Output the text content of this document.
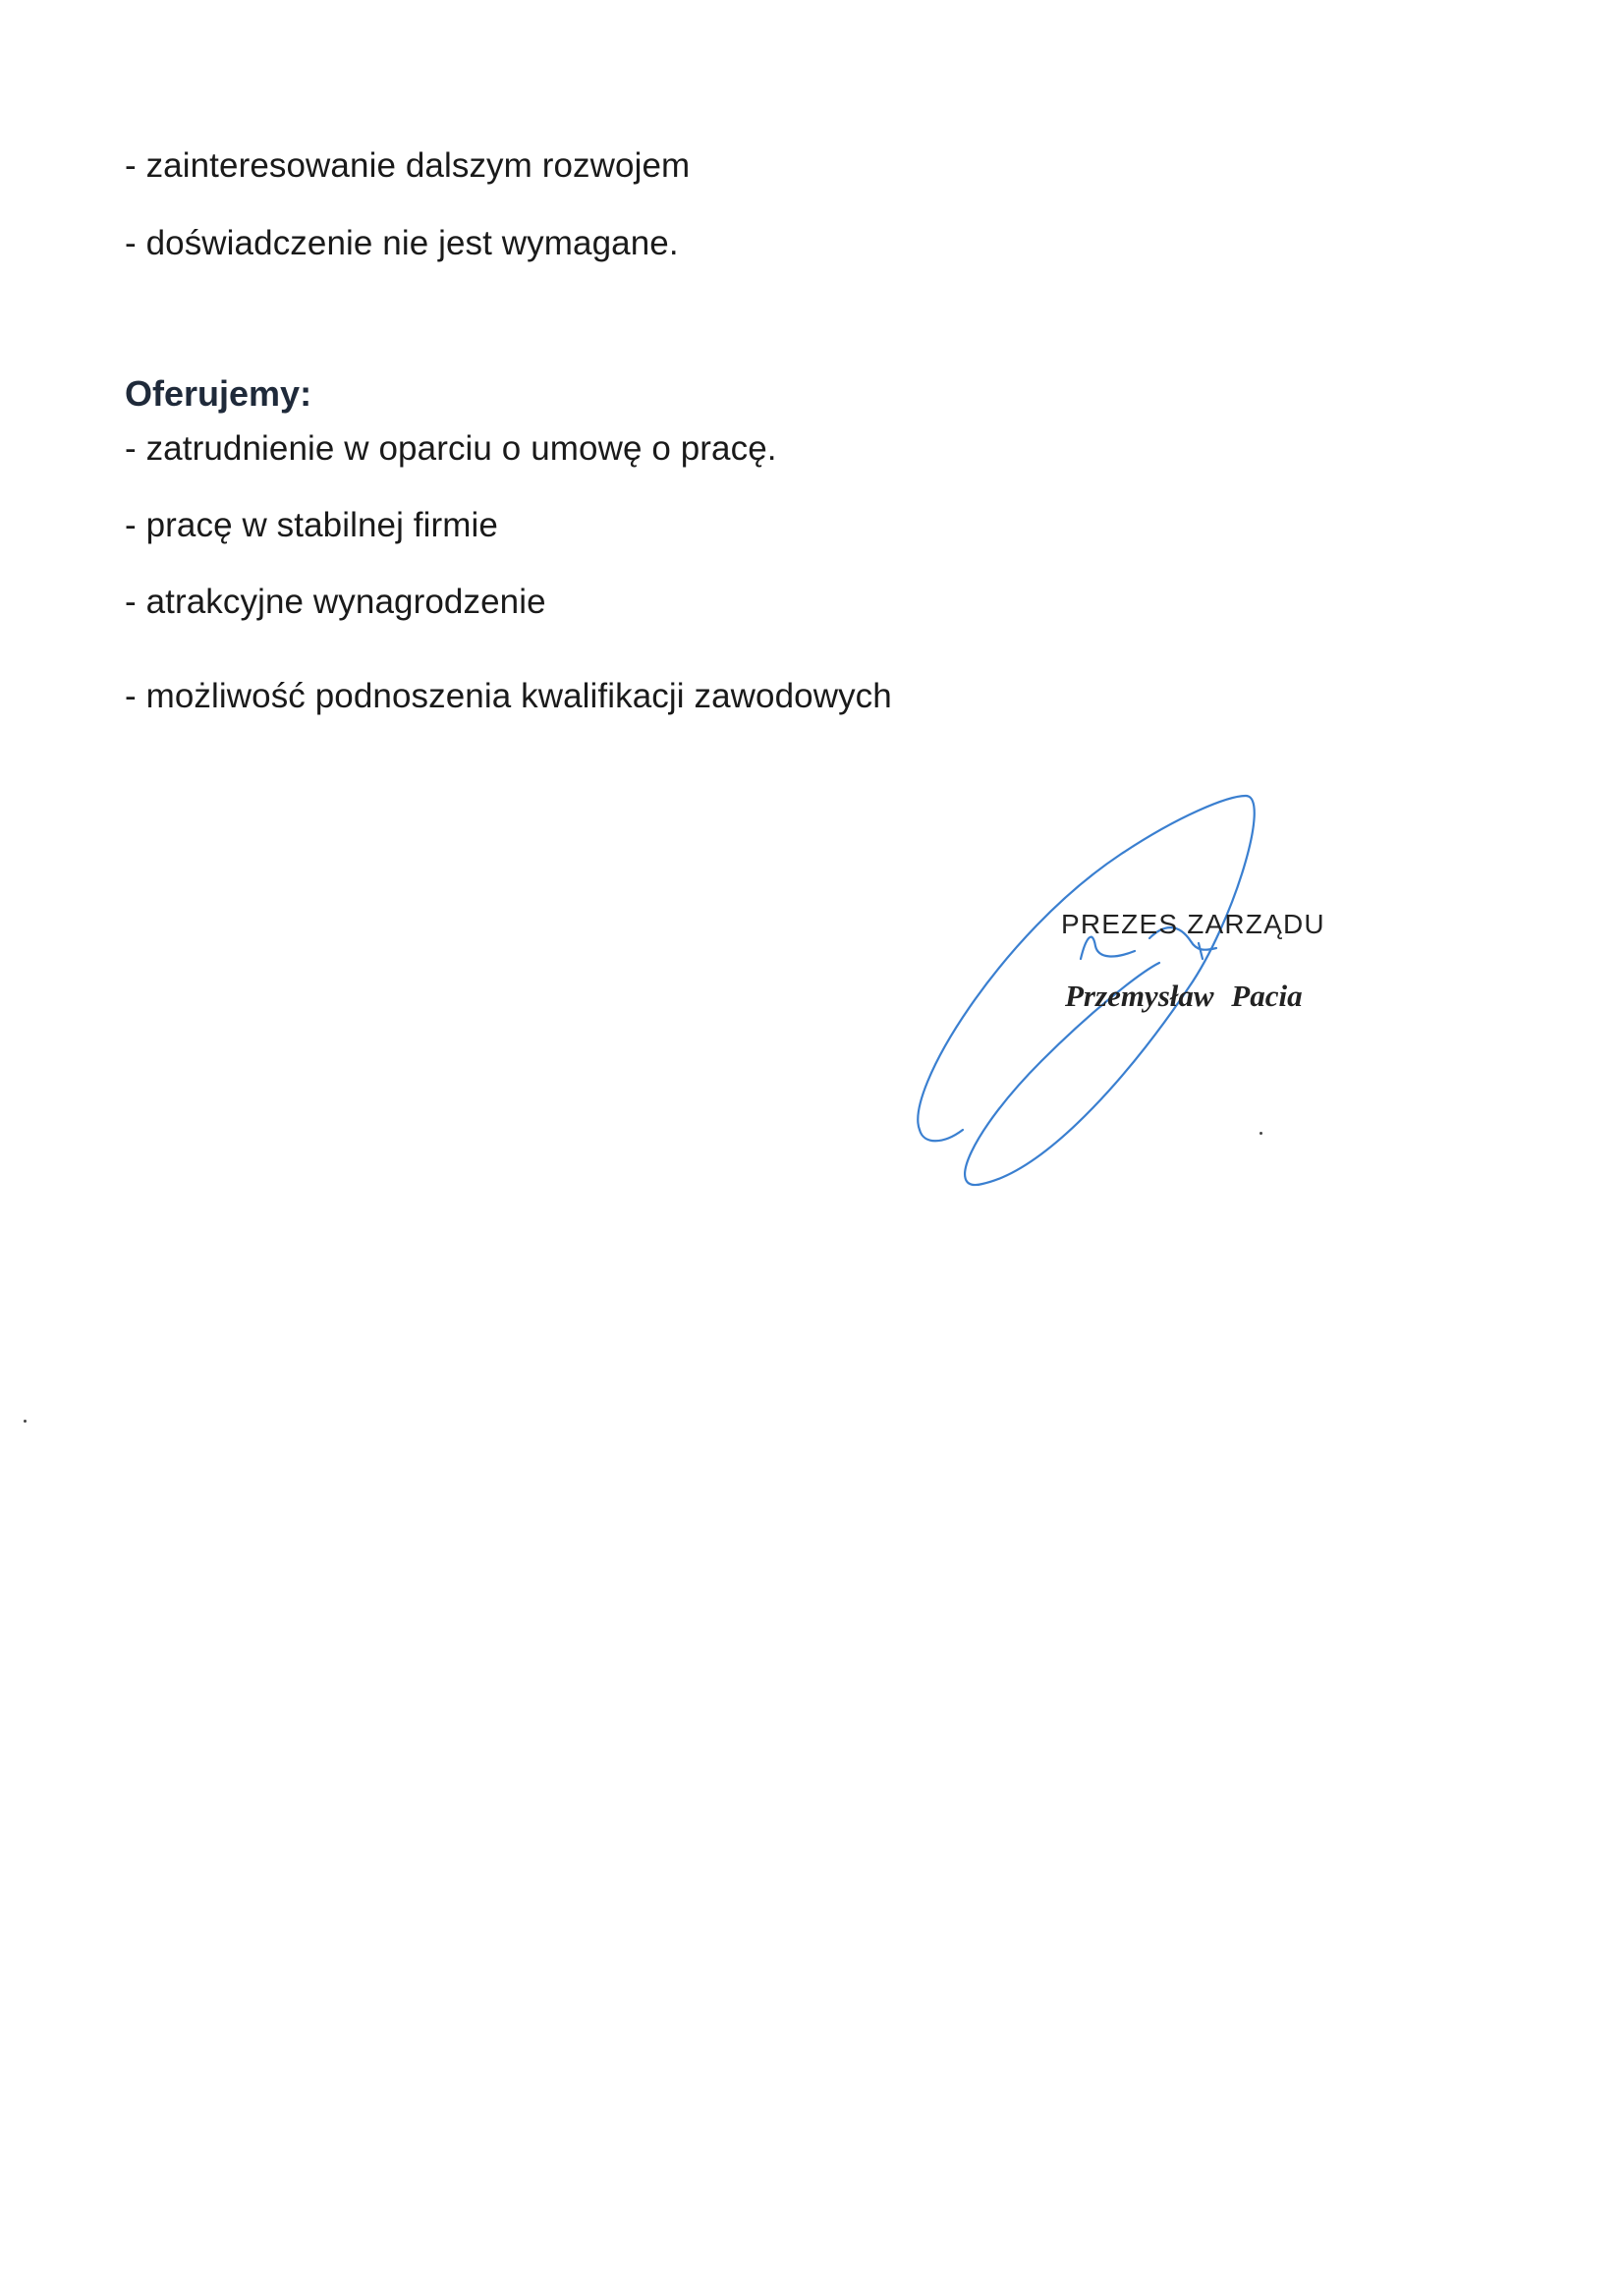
- zainteresowanie dalszym rozwojem
- doświadczenie nie jest wymagane.
Oferujemy:
- zatrudnienie w oparciu o umowę o pracę.
- pracę w stabilnej firmie
- atrakcyjne wynagrodzenie
- możliwość podnoszenia kwalifikacji zawodowych
PREZES ZARZĄDU
Przemysław Pacia
